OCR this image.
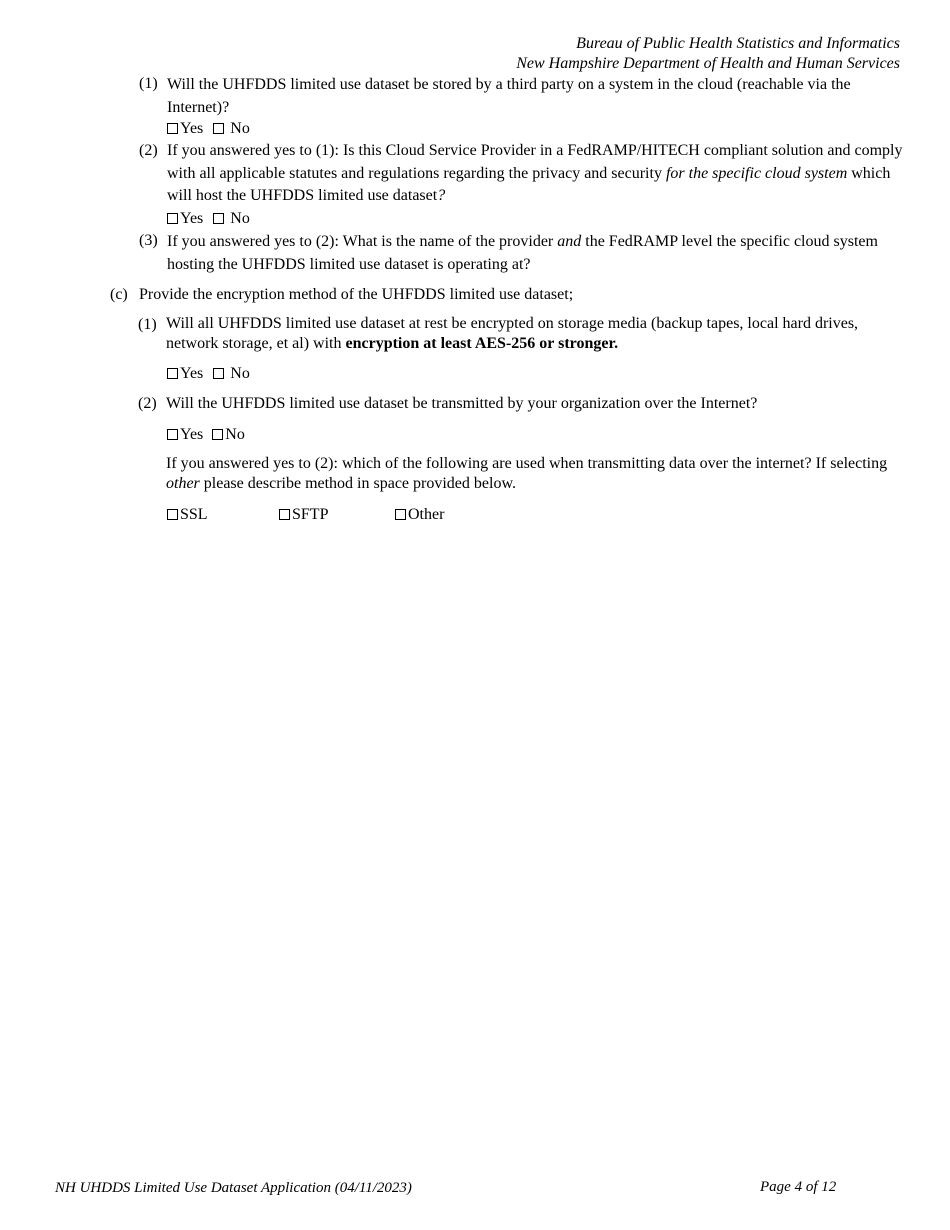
Bureau of Public Health Statistics and Informatics
New Hampshire Department of Health and Human Services
(1) Will the UHFDDS limited use dataset be stored by a third party on a system in the cloud (reachable via the Internet)?
Yes No
(2) If you answered yes to (1): Is this Cloud Service Provider in a FedRAMP/HITECH compliant solution and comply with all applicable statutes and regulations regarding the privacy and security for the specific cloud system which will host the UHFDDS limited use dataset?
Yes No
(3) If you answered yes to (2): What is the name of the provider and the FedRAMP level the specific cloud system hosting the UHFDDS limited use dataset is operating at?
(c) Provide the encryption method of the UHFDDS limited use dataset;
(1) Will all UHFDDS limited use dataset at rest be encrypted on storage media (backup tapes, local hard drives, network storage, et al) with encryption at least AES-256 or stronger.
Yes No
(2) Will the UHFDDS limited use dataset be transmitted by your organization over the Internet?
Yes No
If you answered yes to (2): which of the following are used when transmitting data over the internet? If selecting other please describe method in space provided below.
SSL	SFTP	Other
NH UHDDS Limited Use Dataset Application (04/11/2023)	Page 4 of 12
